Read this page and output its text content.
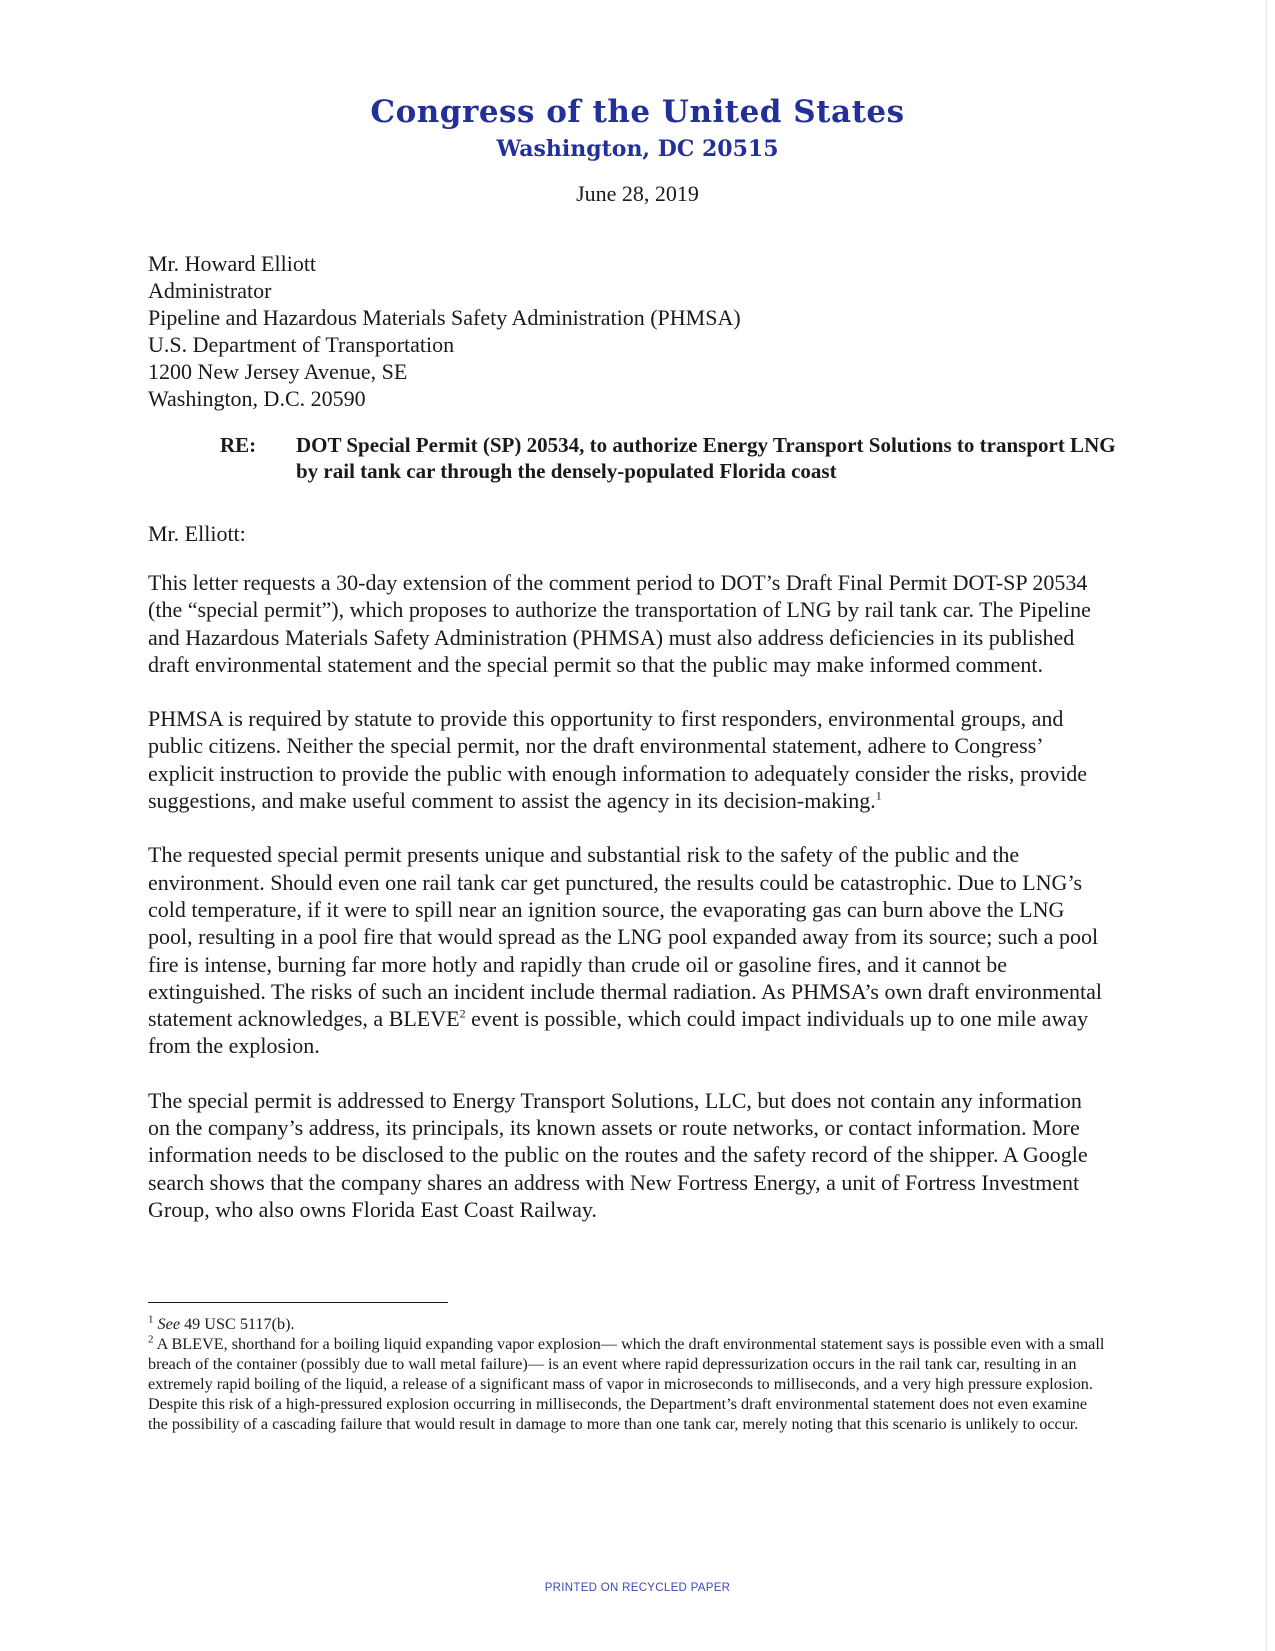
Congress of the United States
Washington, DC 20515
June 28, 2019
Mr. Howard Elliott
Administrator
Pipeline and Hazardous Materials Safety Administration (PHMSA)
U.S. Department of Transportation
1200 New Jersey Avenue, SE
Washington, D.C. 20590
RE: DOT Special Permit (SP) 20534, to authorize Energy Transport Solutions to transport LNG by rail tank car through the densely-populated Florida coast
Mr. Elliott:

This letter requests a 30-day extension of the comment period to DOT’s Draft Final Permit DOT-SP 20534 (the “special permit”), which proposes to authorize the transportation of LNG by rail tank car. The Pipeline and Hazardous Materials Safety Administration (PHMSA) must also address deficiencies in its published draft environmental statement and the special permit so that the public may make informed comment.

PHMSA is required by statute to provide this opportunity to first responders, environmental groups, and public citizens. Neither the special permit, nor the draft environmental statement, adhere to Congress’ explicit instruction to provide the public with enough information to adequately consider the risks, provide suggestions, and make useful comment to assist the agency in its decision-making.$^1$

The requested special permit presents unique and substantial risk to the safety of the public and the environment. Should even one rail tank car get punctured, the results could be catastrophic. Due to LNG’s cold temperature, if it were to spill near an ignition source, the evaporating gas can burn above the LNG pool, resulting in a pool fire that would spread as the LNG pool expanded away from its source; such a pool fire is intense, burning far more hotly and rapidly than crude oil or gasoline fires, and it cannot be extinguished. The risks of such an incident include thermal radiation. As PHMSA’s own draft environmental statement acknowledges, a BLEVE$^2$ event is possible, which could impact individuals up to one mile away from the explosion.

The special permit is addressed to Energy Transport Solutions, LLC, but does not contain any information on the company’s address, its principals, its known assets or route networks, or contact information. More information needs to be disclosed to the public on the routes and the safety record of the shipper. A Google search shows that the company shares an address with New Fortress Energy, a unit of Fortress Investment Group, who also owns Florida East Coast Railway.

$^1$ See 49 USC 5117(b).

$^2$ A BLEVE, shorthand for a boiling liquid expanding vapor explosion— which the draft environmental statement says is possible even with a small breach of the container (possibly due to wall metal failure)— is an event where rapid depressurization occurs in the rail tank car, resulting in an extremely rapid boiling of the liquid, a release of a significant mass of vapor in microseconds to milliseconds, and a very high pressure explosion. Despite this risk of a high-pressured explosion occurring in milliseconds, the Department’s draft environmental statement does not even examine the possibility of a cascading failure that would result in damage to more than one tank car, merely noting that this scenario is unlikely to occur.

PRINTED ON RECYCLED PAPER
